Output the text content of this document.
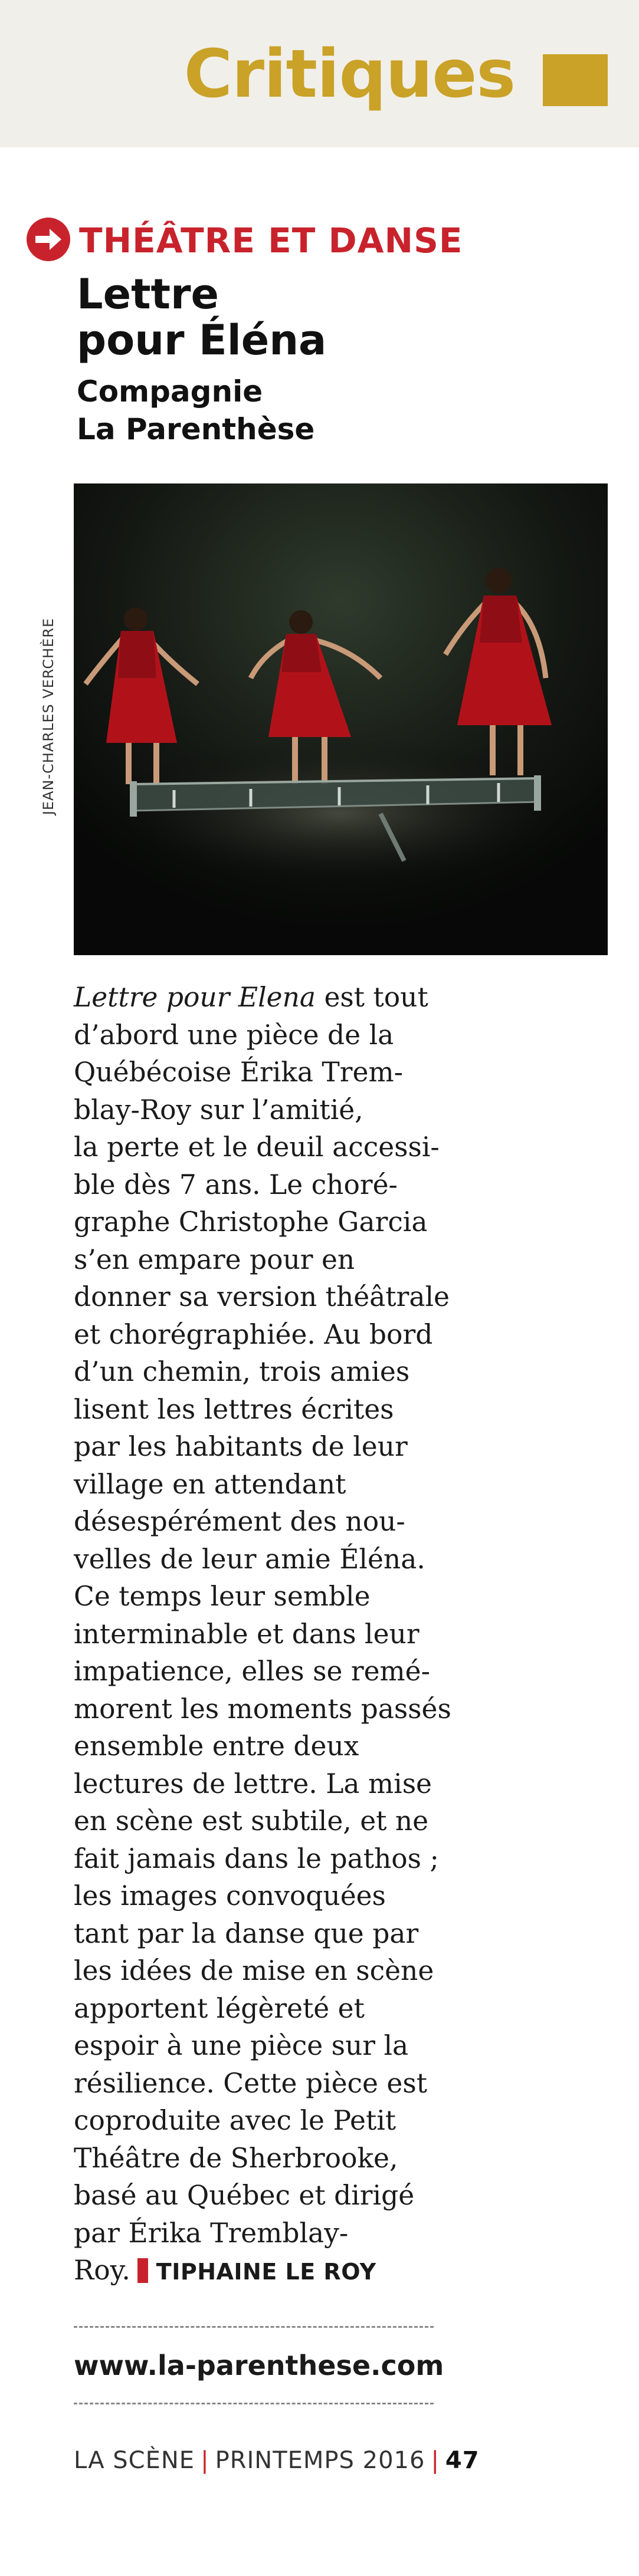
Critiques
THÉÂTRE ET DANSE
Lettre
pour Éléna
Compagnie
La Parenthèse
JEAN-CHARLES VERCHÈRE

Lettre pour Elena est tout
d’abord une pièce de la
Québécoise Érika Trem-
blay-Roy sur l’amitié,
la perte et le deuil accessi-
ble dès 7 ans. Le choré-
graphe Christophe Garcia
s’en empare pour en
donner sa version théâtrale
et chorégraphiée. Au bord
d’un chemin, trois amies
lisent les lettres écrites
par les habitants de leur
village en attendant
désespérément des nou-
velles de leur amie Éléna.
Ce temps leur semble
interminable et dans leur
impatience, elles se remé-
morent les moments passés
ensemble entre deux
lectures de lettre. La mise
en scène est subtile, et ne
fait jamais dans le pathos ;
les images convoquées
tant par la danse que par
les idées de mise en scène
apportent légèreté et
espoir à une pièce sur la
résilience. Cette pièce est
coproduite avec le Petit
Théâtre de Sherbrooke,
basé au Québec et dirigé
par Érika Tremblay-
Roy. TIPHAINE LE ROY

www.la-parenthese.com
LA SCÈNE | PRINTEMPS 2016 | 47
